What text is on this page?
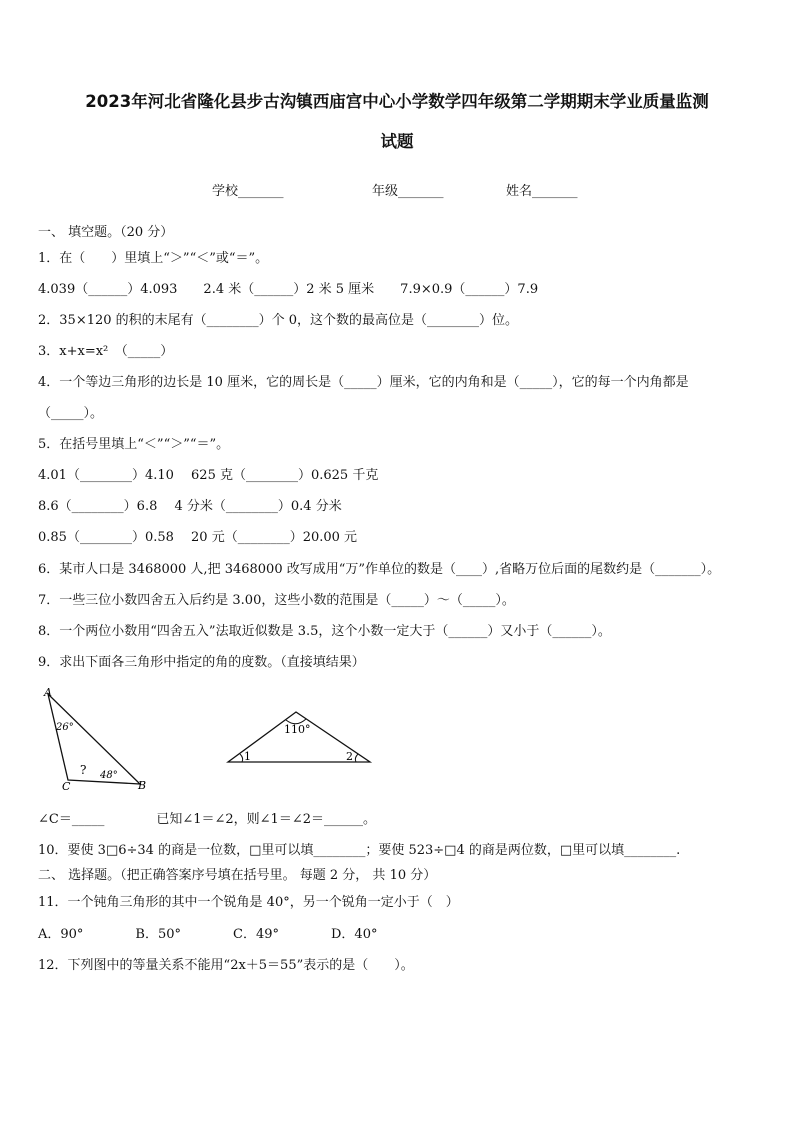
2023年河北省隆化县步古沟镇西庙宫中心小学数学四年级第二学期期末学业质量监测
试题
学校_______	年级_______	姓名_______
一、 填空题。（20 分）
1．在（　　）里填上“＞”“＜”或“＝”。
4.039（______）4.093　　2.4 米（______）2 米 5 厘米　　7.9×0.9（______）7.9
2．35×120 的积的末尾有（________）个 0，这个数的最高位是（________）位。
3．x+x=x²　（_____）
4．一个等边三角形的边长是 10 厘米，它的周长是（_____）厘米，它的内角和是（_____），它的每一个内角都是
（_____）。
5．在括号里填上“＜”“＞”“＝”。
4.01（________）4.10　 625 克（________）0.625 千克
8.6（________）6.8　 4 分米（________）0.4 分米
0.85（________）0.58　 20 元（________）20.00 元
6．某市人口是 3468000 人,把 3468000 改写成用“万”作单位的数是（____）,省略万位后面的尾数约是（_______）。
7．一些三位小数四舍五入后约是 3.00，这些小数的范围是（_____）～（_____）。
8．一个两位小数用“四舍五入”法取近似数是 3.5，这个小数一定大于（______）又小于（______）。
9．求出下面各三角形中指定的角的度数。（直接填结果）
A
C	B
26°
? 48°
110°
1	2
∠C＝_____　　　　已知∠1＝∠2，则∠1＝∠2＝______。
10．要使 3□6÷34 的商是一位数，□里可以填________；要使 523÷□4 的商是两位数，□里可以填________.
二、 选择题。（把正确答案序号填在括号里。 每题 2 分， 共 10 分）
11．一个钝角三角形的其中一个锐角是 40°，另一个锐角一定小于（　）
A．90°　　　　B．50°　　　　C．49°　　　　D．40°
12．下列图中的等量关系不能用“2x＋5＝55”表示的是（　　）。
